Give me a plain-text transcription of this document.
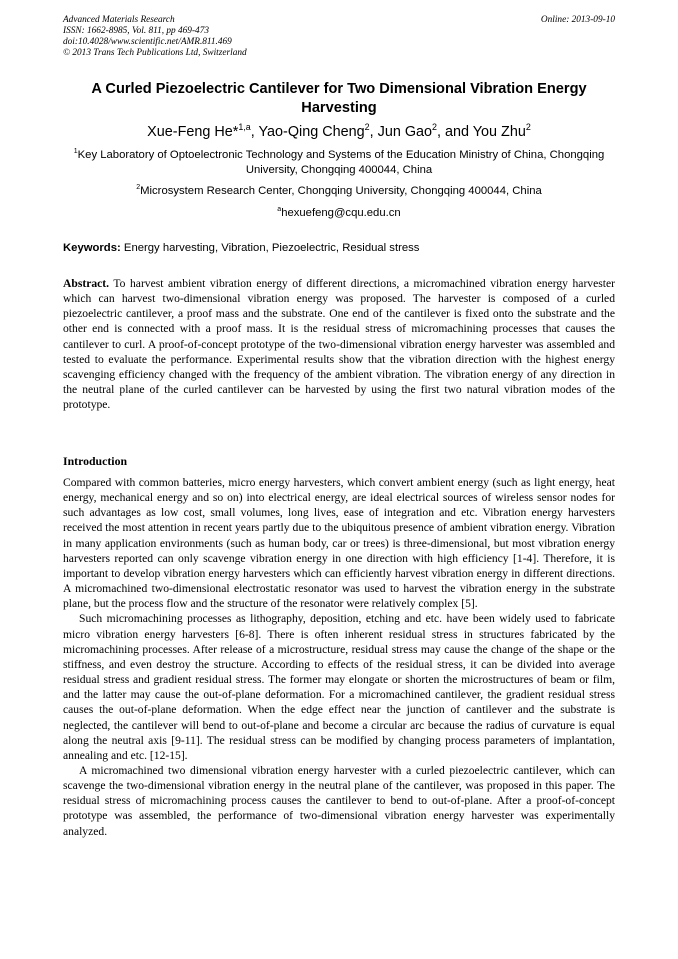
Advanced Materials Research
ISSN: 1662-8985, Vol. 811, pp 469-473
doi:10.4028/www.scientific.net/AMR.811.469
© 2013 Trans Tech Publications Ltd, Switzerland
Online: 2013-09-10
A Curled Piezoelectric Cantilever for Two Dimensional Vibration Energy Harvesting
Xue-Feng He*$^{1,a}$, Yao-Qing Cheng$^2$, Jun Gao$^2$, and You Zhu$^2$
$^1$Key Laboratory of Optoelectronic Technology and Systems of the Education Ministry of China, Chongqing University, Chongqing 400044, China
$^2$Microsystem Research Center, Chongqing University, Chongqing 400044, China
$^a$hexuefeng@cqu.edu.cn
Keywords: Energy harvesting, Vibration, Piezoelectric, Residual stress
Abstract. To harvest ambient vibration energy of different directions, a micromachined vibration energy harvester which can harvest two-dimensional vibration energy was proposed. The harvester is composed of a curled piezoelectric cantilever, a proof mass and the substrate. One end of the cantilever is fixed onto the substrate and the other end is connected with a proof mass. It is the residual stress of micromachining processes that causes the cantilever to curl. A proof-of-concept prototype of the two-dimensional vibration energy harvester was assembled and tested to evaluate the performance. Experimental results show that the vibration direction with the highest energy scavenging efficiency changed with the frequency of the ambient vibration. The vibration energy of any direction in the neutral plane of the curled cantilever can be harvested by using the first two natural vibration modes of the prototype.
Introduction

Compared with common batteries, micro energy harvesters, which convert ambient energy (such as light energy, heat energy, mechanical energy and so on) into electrical energy, are ideal electrical sources of wireless sensor nodes for such advantages as low cost, small volumes, long lives, ease of integration and etc. Vibration energy harvesters received the most attention in recent years partly due to the ubiquitous presence of ambient vibration energy. Vibration in many application environments (such as human body, car or trees) is three-dimensional, but most vibration energy harvesters reported can only scavenge vibration energy in one direction with high efficiency [1-4]. Therefore, it is important to develop vibration energy harvesters which can efficiently harvest vibration energy in different directions. A micromachined two-dimensional electrostatic resonator was used to harvest the vibration energy in the substrate plane, but the process flow and the structure of the resonator were relatively complex [5].

Such micromachining processes as lithography, deposition, etching and etc. have been widely used to fabricate micro vibration energy harvesters [6-8]. There is often inherent residual stress in structures fabricated by the micromachining processes. After release of a microstructure, residual stress may cause the change of the shape or the stiffness, and even destroy the structure. According to effects of the residual stress, it can be divided into average residual stress and gradient residual stress. The former may elongate or shorten the microstructures of beam or film, and the latter may cause the out-of-plane deformation. For a micromachined cantilever, the gradient residual stress causes the out-of-plane deformation. When the edge effect near the junction of cantilever and the substrate is neglected, the cantilever will bend to out-of-plane and become a circular arc because the radius of curvature is equal along the neutral axis [9-11]. The residual stress can be modified by changing process parameters of implantation, annealing and etc. [12-15].

A micromachined two dimensional vibration energy harvester with a curled piezoelectric cantilever, which can scavenge the two-dimensional vibration energy in the neutral plane of the cantilever, was proposed in this paper. The residual stress of micromachining process causes the cantilever to bend to out-of-plane. After a proof-of-concept prototype was assembled, the performance of two-dimensional vibration energy harvester was experimentally analyzed.
